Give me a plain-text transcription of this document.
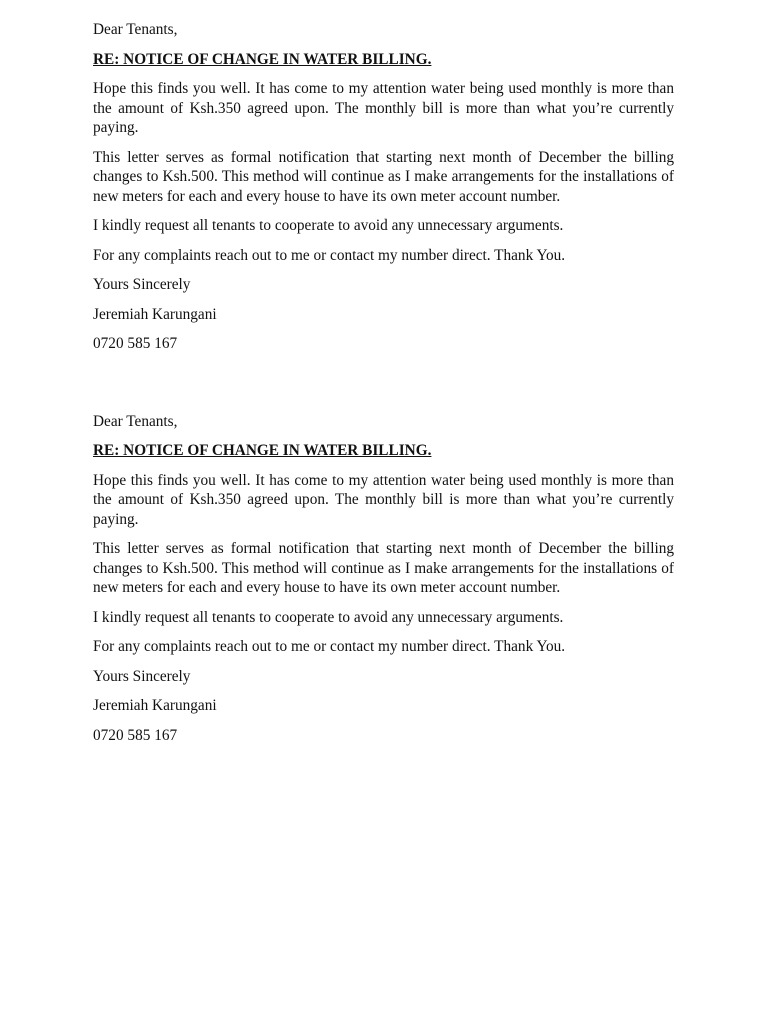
Dear Tenants,

RE: NOTICE OF CHANGE IN WATER BILLING.

Hope this finds you well. It has come to my attention water being used monthly is more than the amount of Ksh.350 agreed upon. The monthly bill is more than what you’re currently paying.

This letter serves as formal notification that starting next month of December the billing changes to Ksh.500. This method will continue as I make arrangements for the installations of new meters for each and every house to have its own meter account number.

I kindly request all tenants to cooperate to avoid any unnecessary arguments.

For any complaints reach out to me or contact my number direct. Thank You.

Yours Sincerely

Jeremiah Karungani

0720 585 167

Dear Tenants,

RE: NOTICE OF CHANGE IN WATER BILLING.

Hope this finds you well. It has come to my attention water being used monthly is more than the amount of Ksh.350 agreed upon. The monthly bill is more than what you’re currently paying.

This letter serves as formal notification that starting next month of December the billing changes to Ksh.500. This method will continue as I make arrangements for the installations of new meters for each and every house to have its own meter account number.

I kindly request all tenants to cooperate to avoid any unnecessary arguments.

For any complaints reach out to me or contact my number direct. Thank You.

Yours Sincerely

Jeremiah Karungani

0720 585 167
